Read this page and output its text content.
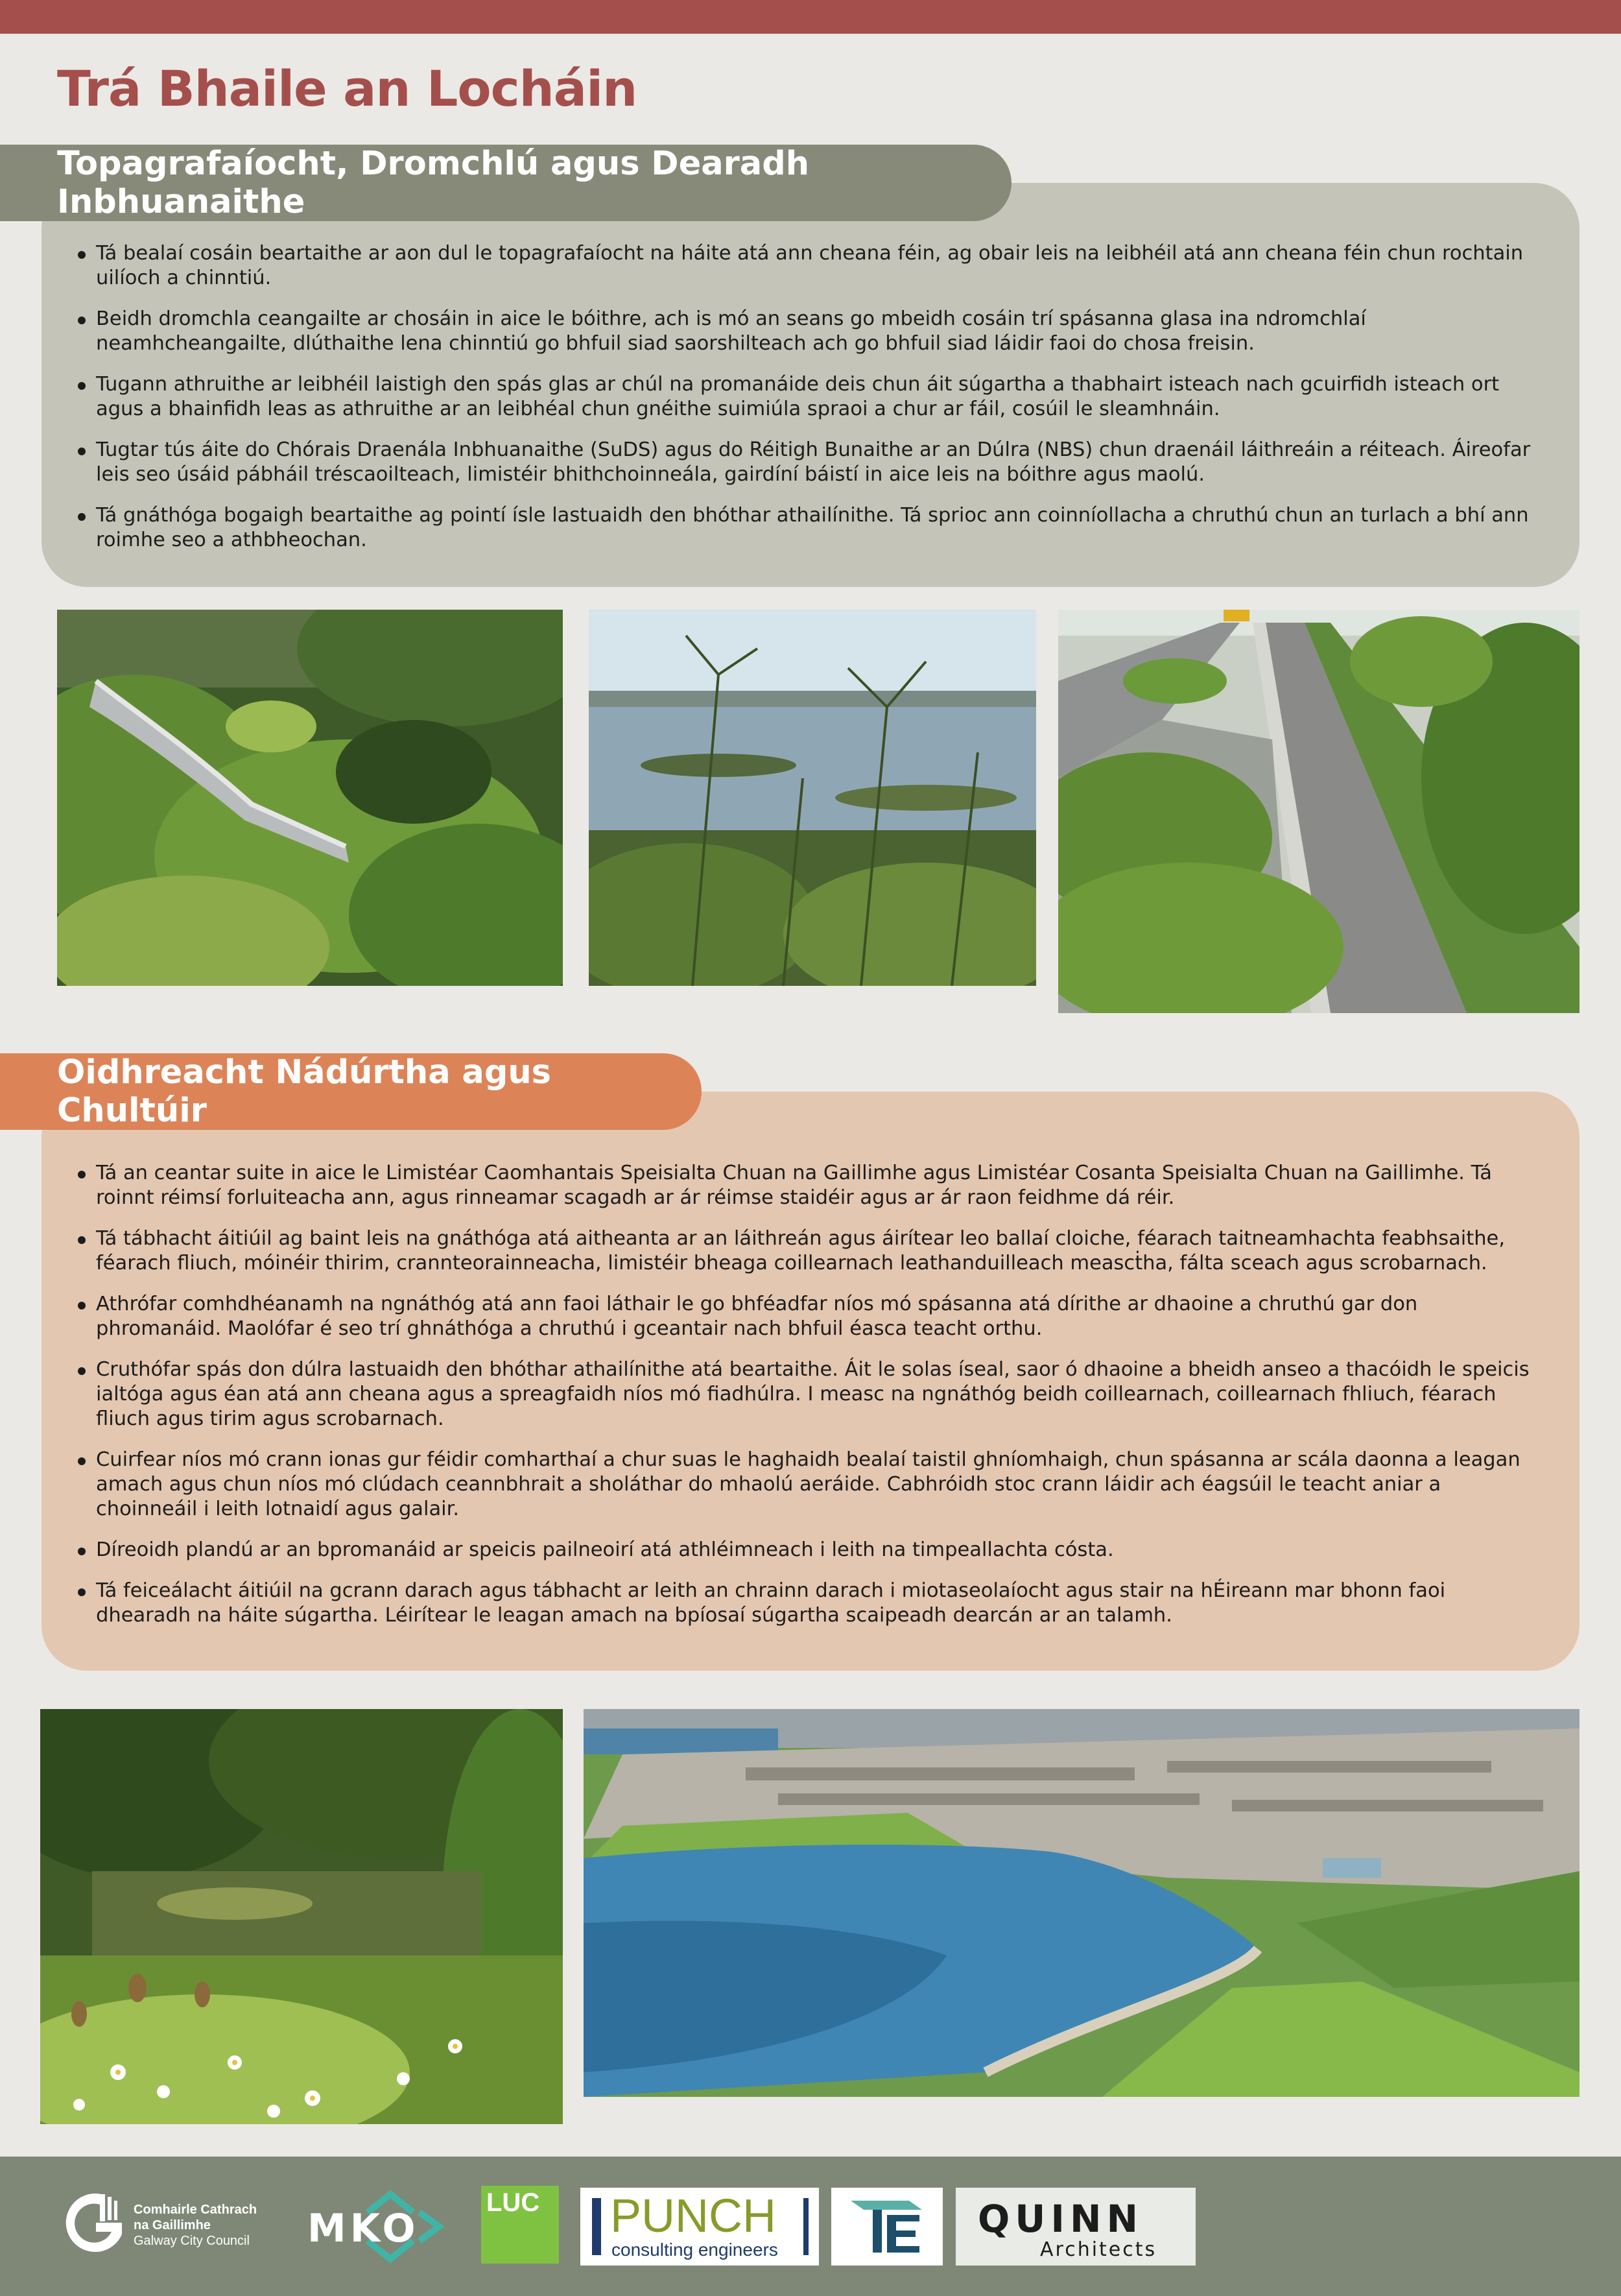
Trá Bhaile an Locháin
Topagrafaíocht, Dromchlú agus Dearadh Inbhuanaithe
Tá bealaí cosáin beartaithe ar aon dul le topagrafaíocht na háite atá ann cheana féin, ag obair leis na leibhéil atá ann cheana féin chun rochtain uilíoch a chinntiú.
Beidh dromchla ceangailte ar chosáin in aice le bóithre, ach is mó an seans go mbeidh cosáin trí spásanna glasa ina ndromchlaí neamhcheangailte, dlúthaithe lena chinntiú go bhfuil siad saorshilteach ach go bhfuil siad láidir faoi do chosa freisin.
Tugann athruithe ar leibhéil laistigh den spás glas ar chúl na promanáide deis chun áit súgartha a thabhairt isteach nach gcuirfidh isteach ort agus a bhainfidh leas as athruithe ar an leibhéal chun gnéithe suimiúla spraoi a chur ar fáil, cosúil le sleamhnáin.
Tugtar tús áite do Chórais Draenála Inbhuanaithe (SuDS) agus do Réitigh Bunaithe ar an Dúlra (NBS) chun draenáil láithreáin a réiteach. Áireofar leis seo úsáid pábháil tréscaoilteach, limistéir bhithchoinneála, gairdíní báistí in aice leis na bóithre agus maolú.
Tá gnáthóga bogaigh beartaithe ag pointí ísle lastuaidh den bhóthar athailínithe. Tá sprioc ann coinníollacha a chruthú chun an turlach a bhí ann roimhe seo a athbheochan.
Oidhreacht Nádúrtha agus Chultúir
Tá an ceantar suite in aice le Limistéar Caomhantais Speisialta Chuan na Gaillimhe agus Limistéar Cosanta Speisialta Chuan na Gaillimhe. Tá roinnt réimsí forluiteacha ann, agus rinneamar scagadh ar ár réimse staidéir agus ar ár raon feidhme dá réir.
Tá tábhacht áitiúil ag baint leis na gnáthóga atá aitheanta ar an láithreán agus áirítear leo ballaí cloiche, féarach taitneamhachta feabhsaithe, féarach fliuch, móinéir thirim, crannteorainneacha, limistéir bheaga coillearnach leathanduilleach meascṫha, fálta sceach agus scrobarnach.
Athrófar comhdhéanamh na ngnáthóg atá ann faoi láthair le go bhféadfar níos mó spásanna atá dírithe ar dhaoine a chruthú gar don phromanáid. Maolófar é seo trí ghnáthóga a chruthú i gceantair nach bhfuil éasca teacht orthu.
Cruthófar spás don dúlra lastuaidh den bhóthar athailínithe atá beartaithe. Áit le solas íseal, saor ó dhaoine a bheidh anseo a thacóidh le speicis ialtóga agus éan atá ann cheana agus a spreagfaidh níos mó fiadhúlra. I measc na ngnáthóg beidh coillearnach, coillearnach fhliuch, féarach fliuch agus tirim agus scrobarnach.
Cuirfear níos mó crann ionas gur féidir comharthaí a chur suas le haghaidh bealaí taistil ghníomhaigh, chun spásanna ar scála daonna a leagan amach agus chun níos mó clúdach ceannbhrait a sholáthar do mhaolú aeráide. Cabhróidh stoc crann láidir ach éagsúil le teacht aniar a choinneáil i leith lotnaidí agus galair.
Díreoidh plandú ar an bpromanáid ar speicis pailneoirí atá athléimneach i leith na timpeallachta cósta.
Tá feiceálacht áitiúil na gcrann darach agus tábhacht ar leith an chrainn darach i miotaseolaíocht agus stair na hÉireann mar bhonn faoi dhearadh na háite súgartha. Léirítear le leagan amach na bpíosaí súgartha scaipeadh dearcán ar an talamh.
Comhairle Cathrach
na Gaillimhe
Galway City Council MKO
LUC PUNCH
consulting engineers
QUINN
Architects
